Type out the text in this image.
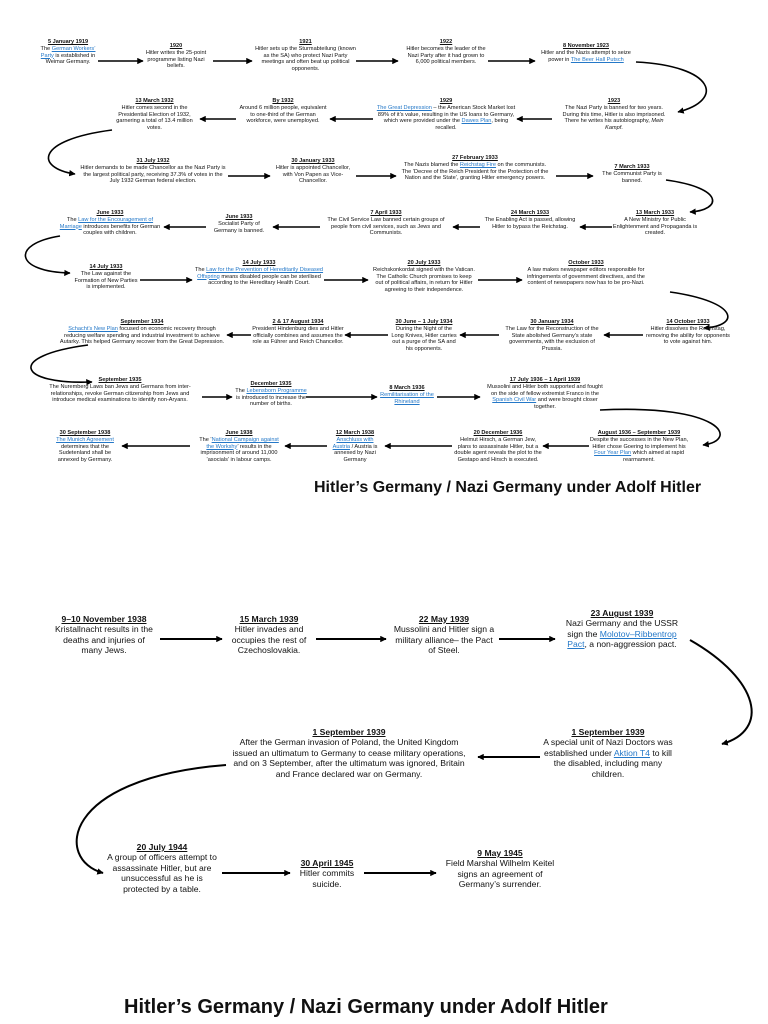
5 January 1919
The German Workers’ Party is established in Weimar Germany.
1920
Hitler writes the 25-point programme listing Nazi beliefs.
1921
Hitler sets up the Sturmabteilung (known as the SA) who protect Nazi Party meetings and often beat up political opponents.
1922
Hitler becomes the leader of the Nazi Party after it had grown to 6,000 political members.
8 November 1923
Hitler and the Nazis attempt to seize power in The Beer Hall Putsch
1923
The Nazi Party is banned for two years. During this time, Hitler is also imprisoned. There he writes his autobiography, Mein Kampf.
1929
The Great Depression – the American Stock Market lost 89% of it’s value, resulting in the US loans to Germany, which were provided under the Dawes Plan, being recalled.
By 1932
Around 6 million people, equivalent to one-third of the German workforce, were unemployed.
13 March 1932
Hitler comes second in the Presidential Election of 1932, garnering a total of 13.4 million votes.
31 July 1932
Hitler demands to be made Chancellor as the Nazi Party is the largest political party, receiving 37.3% of votes in the July 1932 German federal election.
30 January 1933
Hitler is appointed Chancellor, with Von Papen as Vice-Chancellor.
27 February 1933
The Nazis blamed the Reichstag Fire on the communists. The ‘Decree of the Reich President for the Protection of the Nation and the State’, granting Hitler emergency powers.
7 March 1933
The Communist Party is banned.
13 March 1933
A New Ministry for Public Enlightenment and Propaganda is created.
24 March 1933
The Enabling Act is passed, allowing Hitler to bypass the Reichstag.
7 April 1933
The Civil Service Law banned certain groups of people from civil services, such as Jews and Communists.
June 1933
Socialist Party of Germany is banned.
June 1933
The Law for the Encouragement of Marriage introduces benefits for German couples with children.
14 July 1933
The Law against the Formation of New Parties is implemented.
14 July 1933
The Law for the Prevention of Hereditarily Diseased Offspring means disabled people can be sterilised according to the Hereditary Health Court.
20 July 1933
Reichskonkordat signed with the Vatican. The Catholic Church promises to keep out of political affairs, in return for Hitler agreeing to their independence.
October 1933
A law makes newspaper editors responsible for infringements of government directives, and the content of newspapers now has to be pro-Nazi.
14 October 1933
Hitler dissolves the Reichstag, removing the ability for opponents to vote against him.
30 January 1934
The Law for the Reconstruction of the State abolished Germany’s state governments, with the exclusion of Prussia.
30 June – 1 July 1934
During the Night of the Long Knives, Hitler carries out a purge of the SA and his opponents.
2 & 17 August 1934
President Hindenburg dies and Hitler officially combines and assumes the role as Führer and Reich Chancellor.
September 1934
Schacht’s New Plan focused on economic recovery through reducing welfare spending and industrial investment to achieve Autarky. This helped Germany recover from the Great Depression.
September 1935
The Nuremberg Laws ban Jews and Germans from inter-relationships, revoke German citizenship from Jews and introduce medical examinations to identify non-Aryans.
December 1935
The Lebensborn Programme is introduced to increase the number of births.
8 March 1936
Remilitarisation of the Rhineland
17 July 1936 – 1 April 1939
Mussolini and Hitler both supported and fought on the side of fellow extremist Franco in the Spanish Civil War and were brought closer together.
August 1936 – September 1939
Despite the successes in the New Plan, Hitler chose Goering to implement his Four Year Plan which aimed at rapid rearmament.
20 December 1936
Helmut Hirsch, a German Jew, plans to assassinate Hitler, but a double agent reveals the plot to the Gestapo and Hirsch is executed.
12 March 1938
Anschluss with Austria / Austria is annexed by Nazi Germany
June 1938
The ‘National Campaign against the Workshy’ results in the imprisonment of around 11,000 ‘asocials’ in labour camps.
30 September 1938
The Munich Agreement determines that the Sudetenland shall be annexed by Germany.
Hitler’s Germany / Nazi Germany under Adolf Hitler
9–10 November 1938
Kristallnacht results in the deaths and injuries of many Jews.
15 March 1939
Hitler invades and occupies the rest of Czechoslovakia.
22 May 1939
Mussolini and Hitler sign a military alliance– the Pact of Steel.
23 August 1939
Nazi Germany and the USSR sign the Molotov–Ribbentrop Pact, a non-aggression pact.
1 September 1939
A special unit of Nazi Doctors was established under Aktion T4 to kill the disabled, including many children.
1 September 1939
After the German invasion of Poland, the United Kingdom issued an ultimatum to Germany to cease military operations, and on 3 September, after the ultimatum was ignored, Britain and France declared war on Germany.
20 July 1944
A group of officers attempt to assassinate Hitler, but are unsuccessful as he is protected by a table.
30 April 1945
Hitler commits suicide.
9 May 1945
Field Marshal Wilhelm Keitel signs an agreement of Germany’s surrender.
Hitler’s Germany / Nazi Germany under Adolf Hitler
